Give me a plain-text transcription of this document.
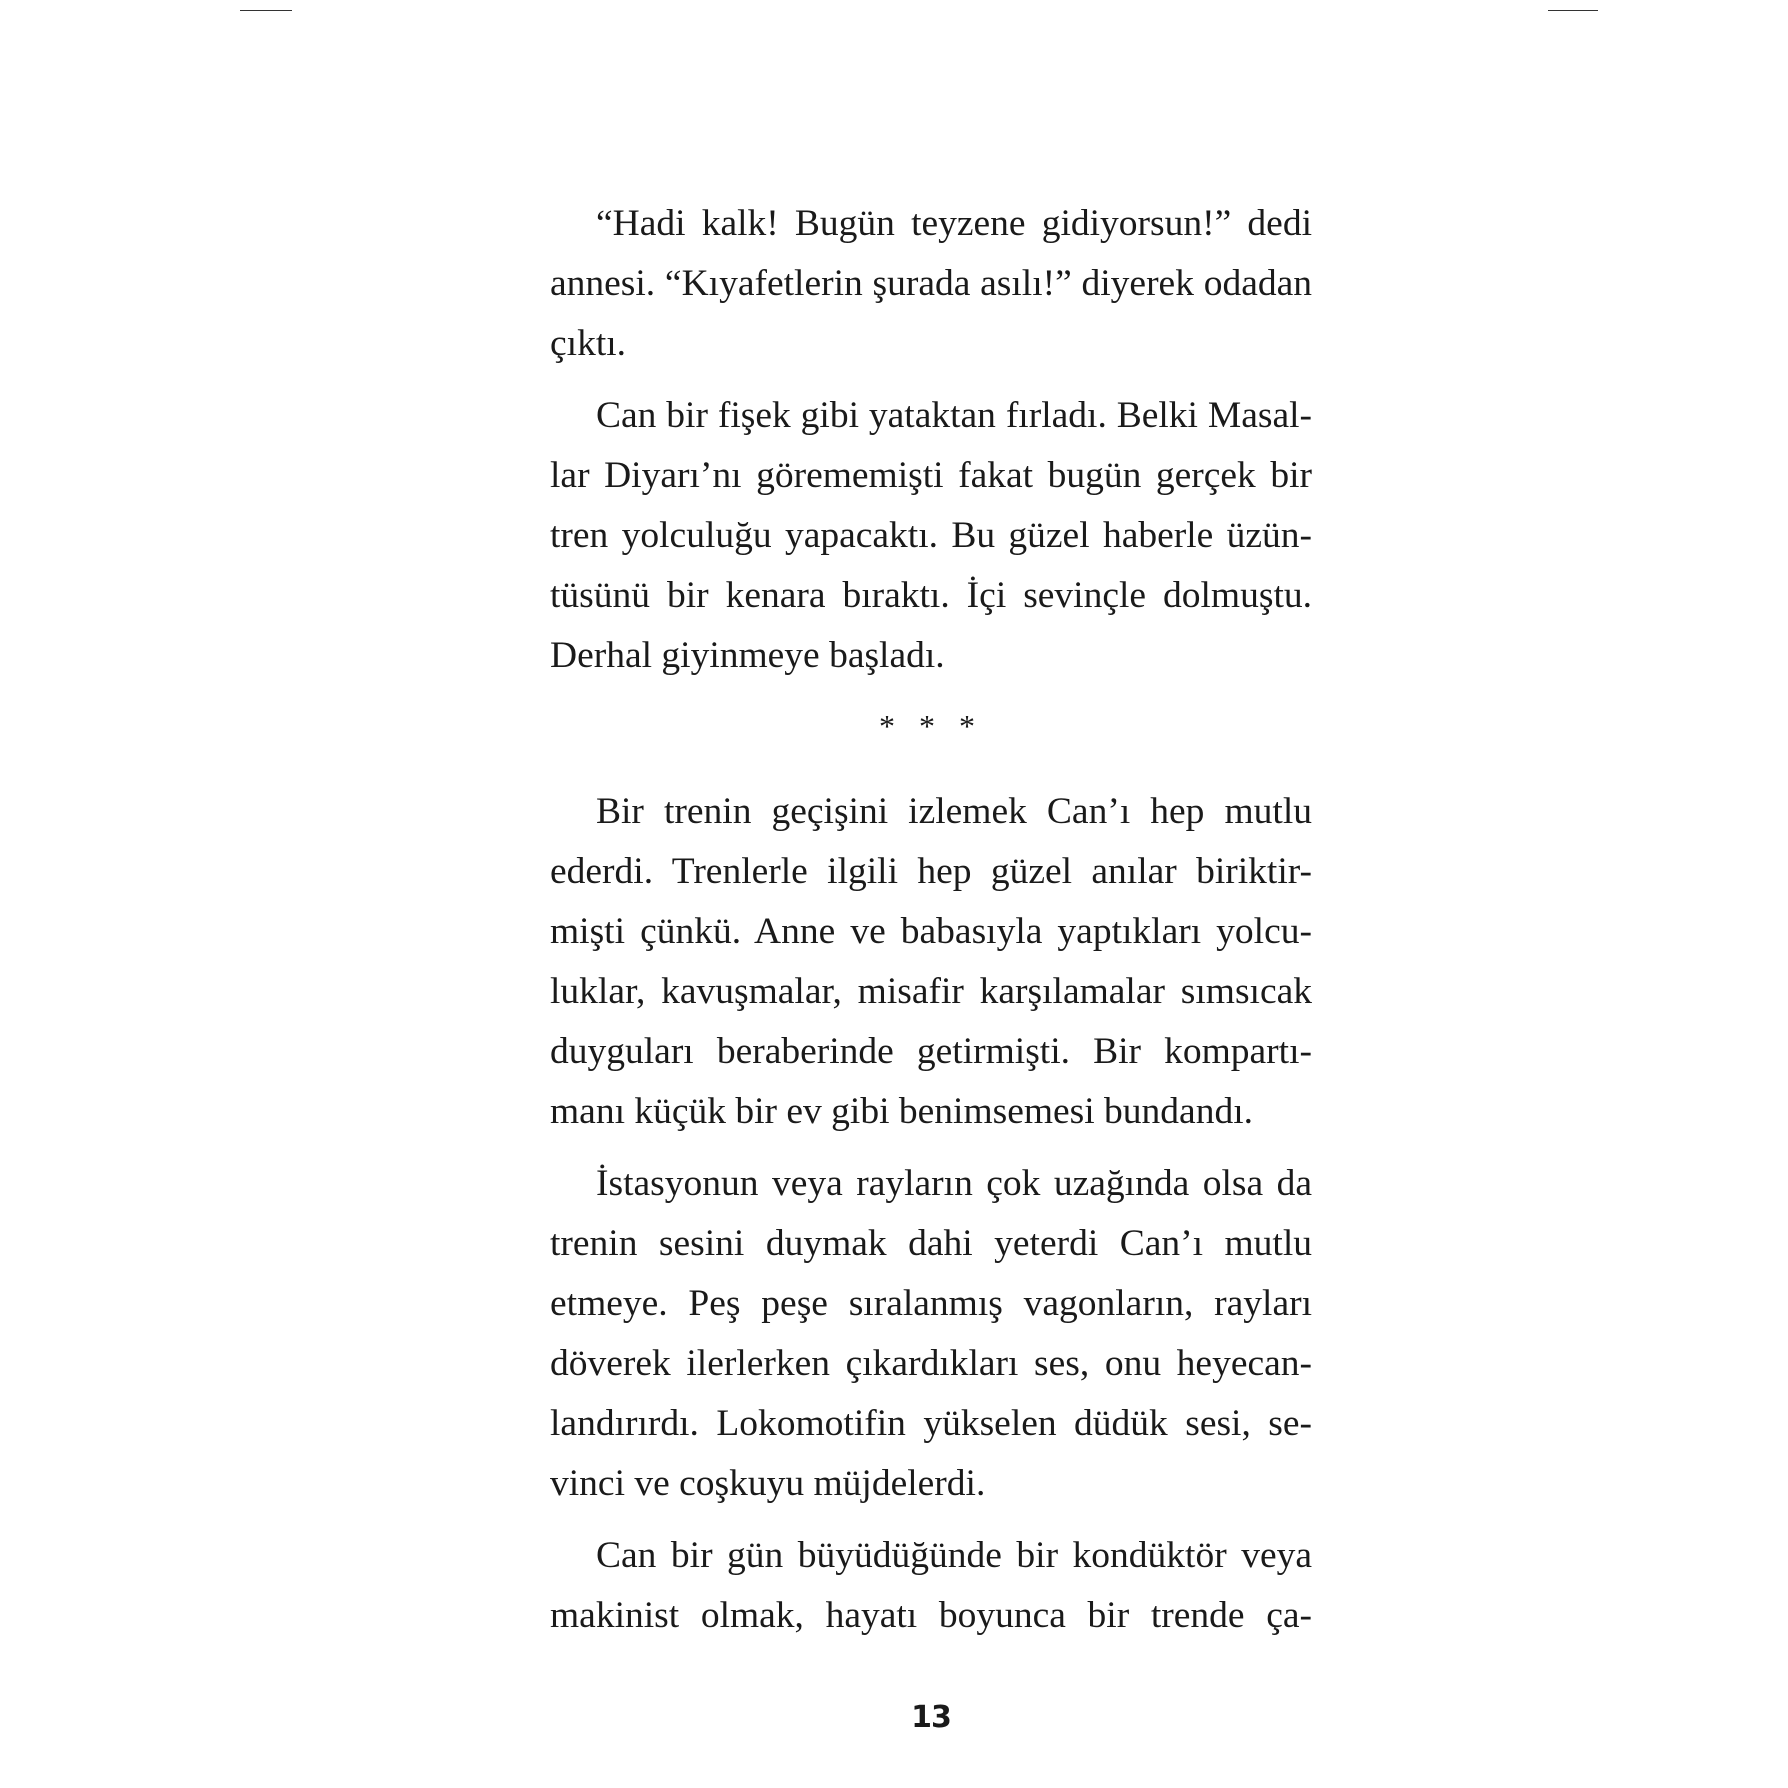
“Hadi kalk! Bugün teyzene gidiyorsun!” dedi
annesi. “Kıyafetlerin şurada asılı!” diyerek odadan
çıktı.
Can bir fişek gibi yataktan fırladı. Belki Masal-
lar Diyarı’nı görememişti fakat bugün gerçek bir
tren yolculuğu yapacaktı. Bu güzel haberle üzün-
tüsünü bir kenara bıraktı. İçi sevinçle dolmuştu.
Derhal giyinmeye başladı.
* * *
Bir trenin geçişini izlemek Can’ı hep mutlu
ederdi. Trenlerle ilgili hep güzel anılar biriktir-
mişti çünkü. Anne ve babasıyla yaptıkları yolcu-
luklar, kavuşmalar, misafir karşılamalar sımsıcak
duyguları beraberinde getirmişti. Bir kompartı-
manı küçük bir ev gibi benimsemesi bundandı.
İstasyonun veya rayların çok uzağında olsa da
trenin sesini duymak dahi yeterdi Can’ı mutlu
etmeye. Peş peşe sıralanmış vagonların, rayları
döverek ilerlerken çıkardıkları ses, onu heyecan-
landırırdı. Lokomotifin yükselen düdük sesi, se-
vinci ve coşkuyu müjdelerdi.
Can bir gün büyüdüğünde bir kondüktör veya
makinist olmak, hayatı boyunca bir trende ça-
13
